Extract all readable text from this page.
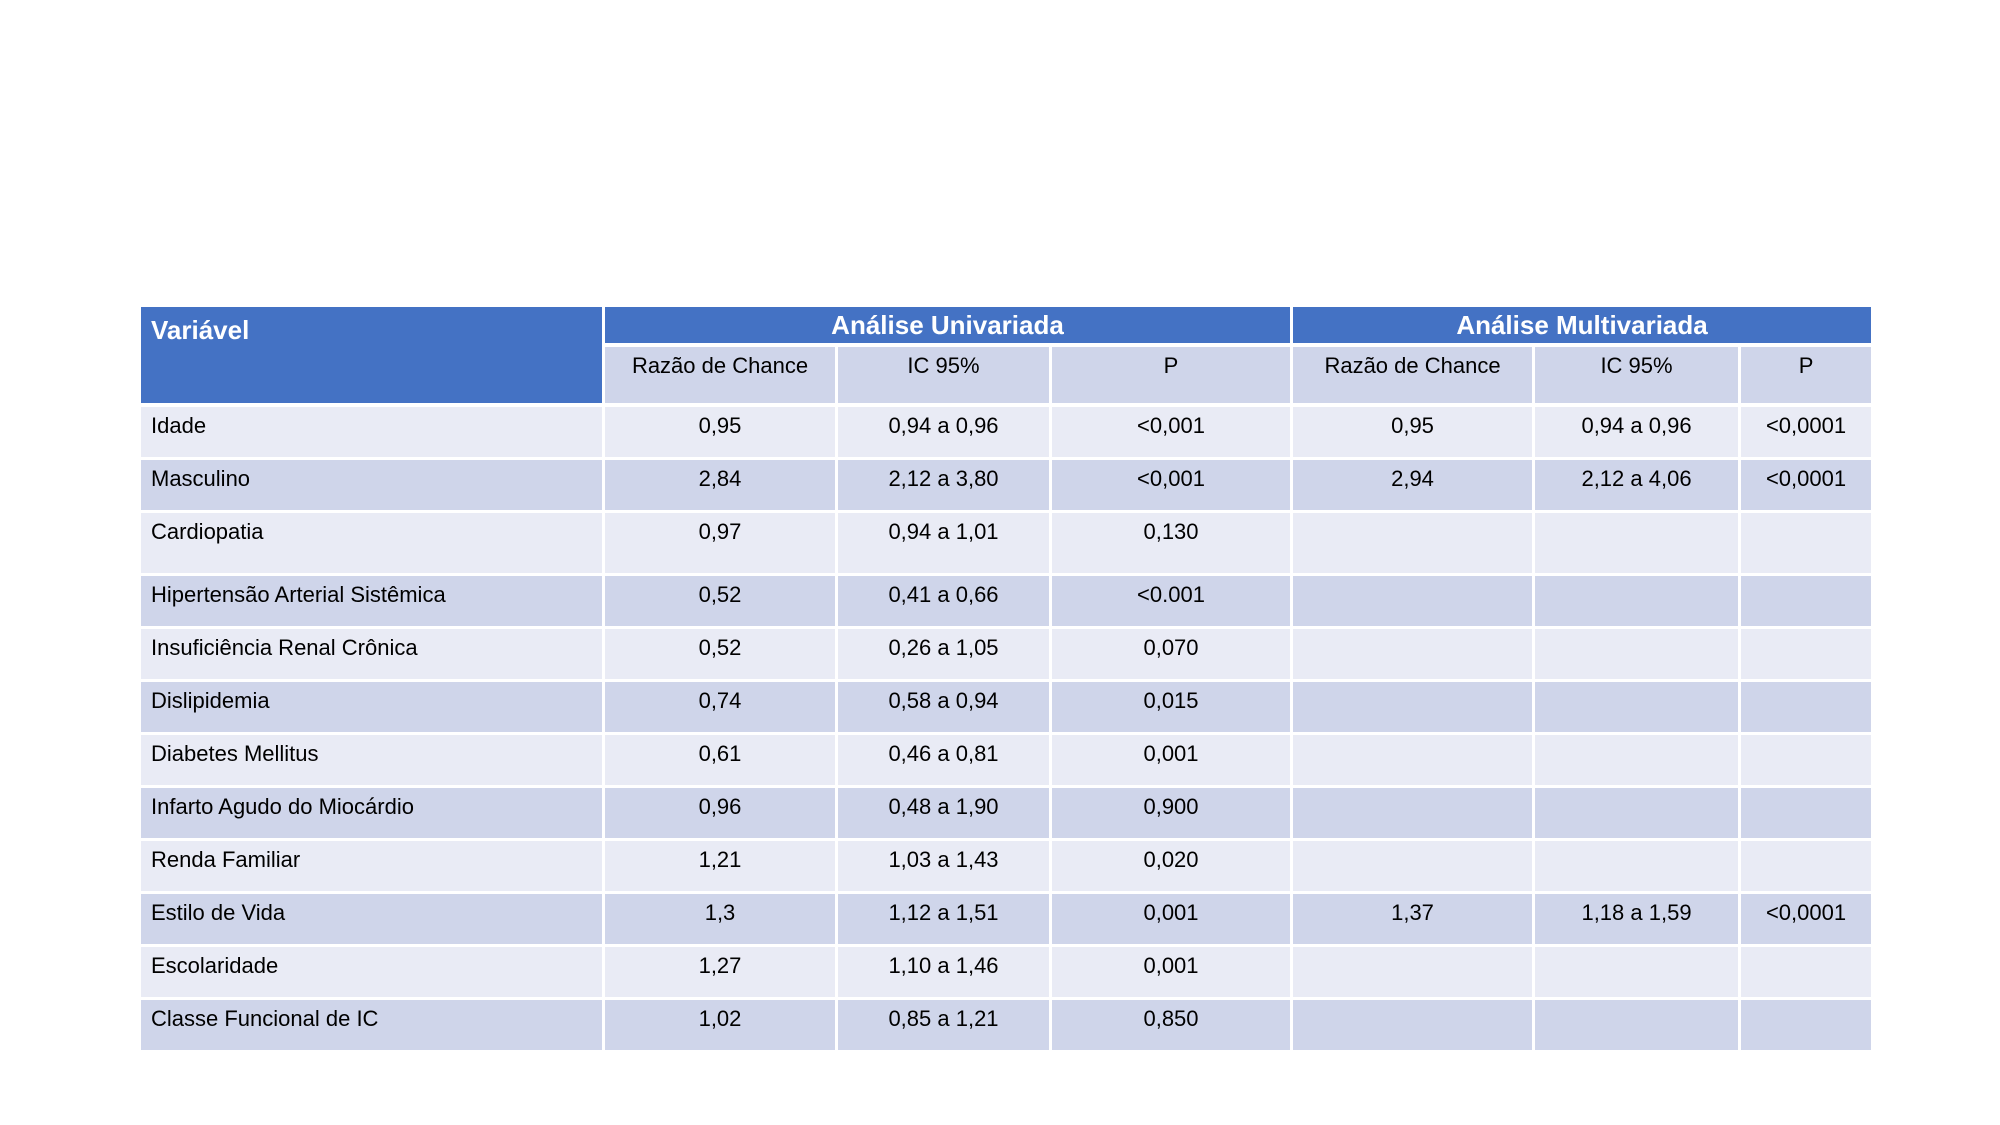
Variável	Análise Univariada			Análise Multivariada		
	Razão de Chance	IC 95%	P	Razão de Chance	IC 95%	P
Idade	0,95	0,94 a 0,96	<0,001	0,95	0,94 a 0,96	<0,0001
Masculino	2,84	2,12 a 3,80	<0,001	2,94	2,12 a 4,06	<0,0001
Cardiopatia	0,97	0,94 a 1,01	0,130			
Hipertensão Arterial Sistêmica	0,52	0,41 a 0,66	<0.001			
Insuficiência Renal Crônica	0,52	0,26 a 1,05	0,070			
Dislipidemia	0,74	0,58 a 0,94	0,015			
Diabetes Mellitus	0,61	0,46 a 0,81	0,001			
Infarto Agudo do Miocárdio	0,96	0,48 a 1,90	0,900			
Renda Familiar	1,21	1,03 a 1,43	0,020			
Estilo de Vida	1,3	1,12 a 1,51	0,001	1,37	1,18 a 1,59	<0,0001
Escolaridade	1,27	1,10 a 1,46	0,001			
Classe Funcional de IC	1,02	0,85 a 1,21	0,850			
